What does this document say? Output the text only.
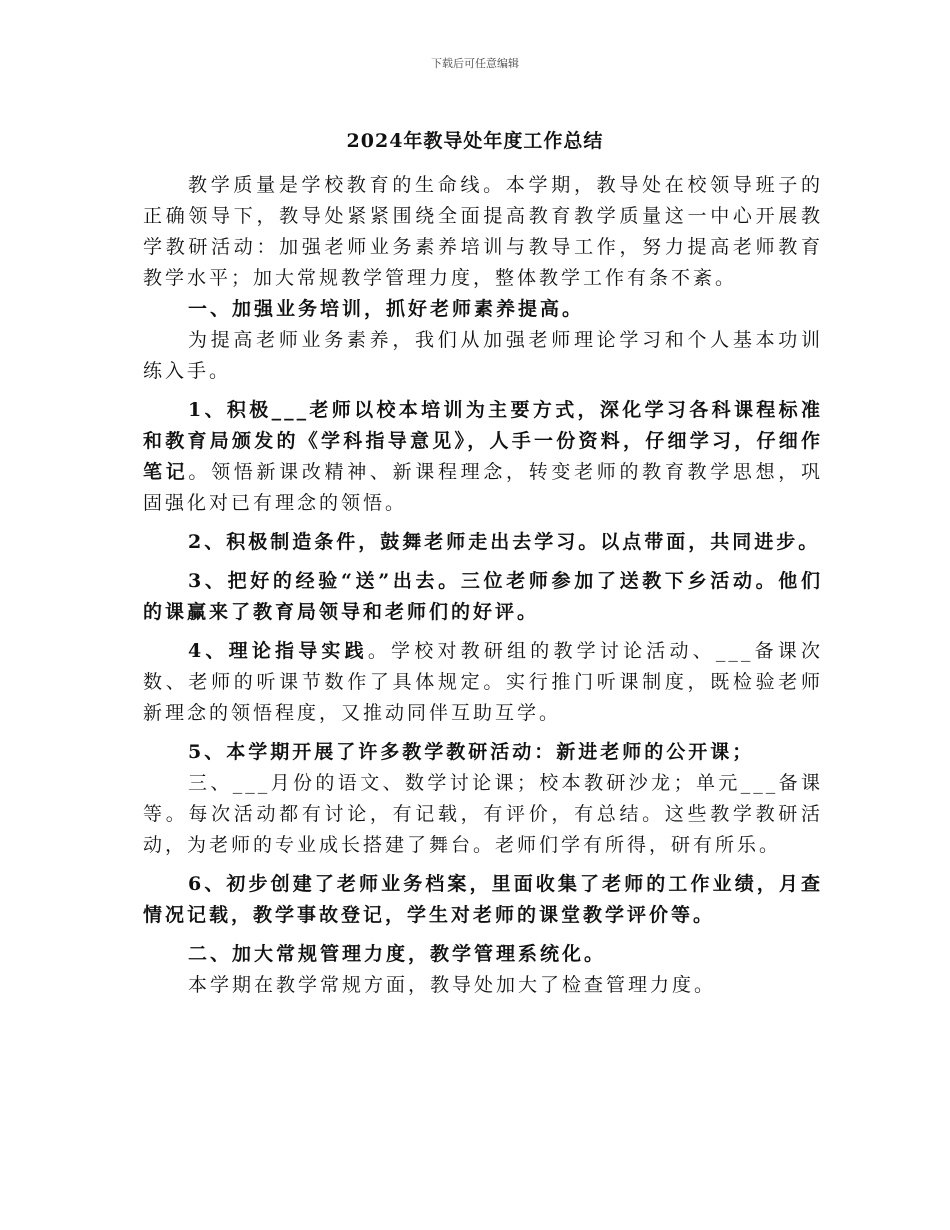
下载后可任意编辑
2024年教导处年度工作总结

教学质量是学校教育的生命线。本学期，教导处在校领导班子的正确领导下，教导处紧紧围绕全面提高教育教学质量这一中心开展教学教研活动：加强老师业务素养培训与教导工作，努力提高老师教育教学水平；加大常规教学管理力度，整体教学工作有条不紊。

一、加强业务培训，抓好老师素养提高。

为提高老师业务素养，我们从加强老师理论学习和个人基本功训练入手。

1、积极___老师以校本培训为主要方式，深化学习各科课程标准和教育局颁发的《学科指导意见》，人手一份资料，仔细学习，仔细作笔记。领悟新课改精神、新课程理念，转变老师的教育教学思想，巩固强化对已有理念的领悟。

2、积极制造条件，鼓舞老师走出去学习。以点带面，共同进步。

3、把好的经验“送”出去。三位老师参加了送教下乡活动。他们的课赢来了教育局领导和老师们的好评。

4、理论指导实践。学校对教研组的教学讨论活动、___备课次数、老师的听课节数作了具体规定。实行推门听课制度，既检验老师新理念的领悟程度，又推动同伴互助互学。

5、本学期开展了许多教学教研活动：新进老师的公开课；

三、___月份的语文、数学讨论课；校本教研沙龙；单元___备课等。每次活动都有讨论，有记载，有评价，有总结。这些教学教研活动，为老师的专业成长搭建了舞台。老师们学有所得，研有所乐。

6、初步创建了老师业务档案，里面收集了老师的工作业绩，月查情况记载，教学事故登记，学生对老师的课堂教学评价等。

二、加大常规管理力度，教学管理系统化。

本学期在教学常规方面，教导处加大了检查管理力度。
